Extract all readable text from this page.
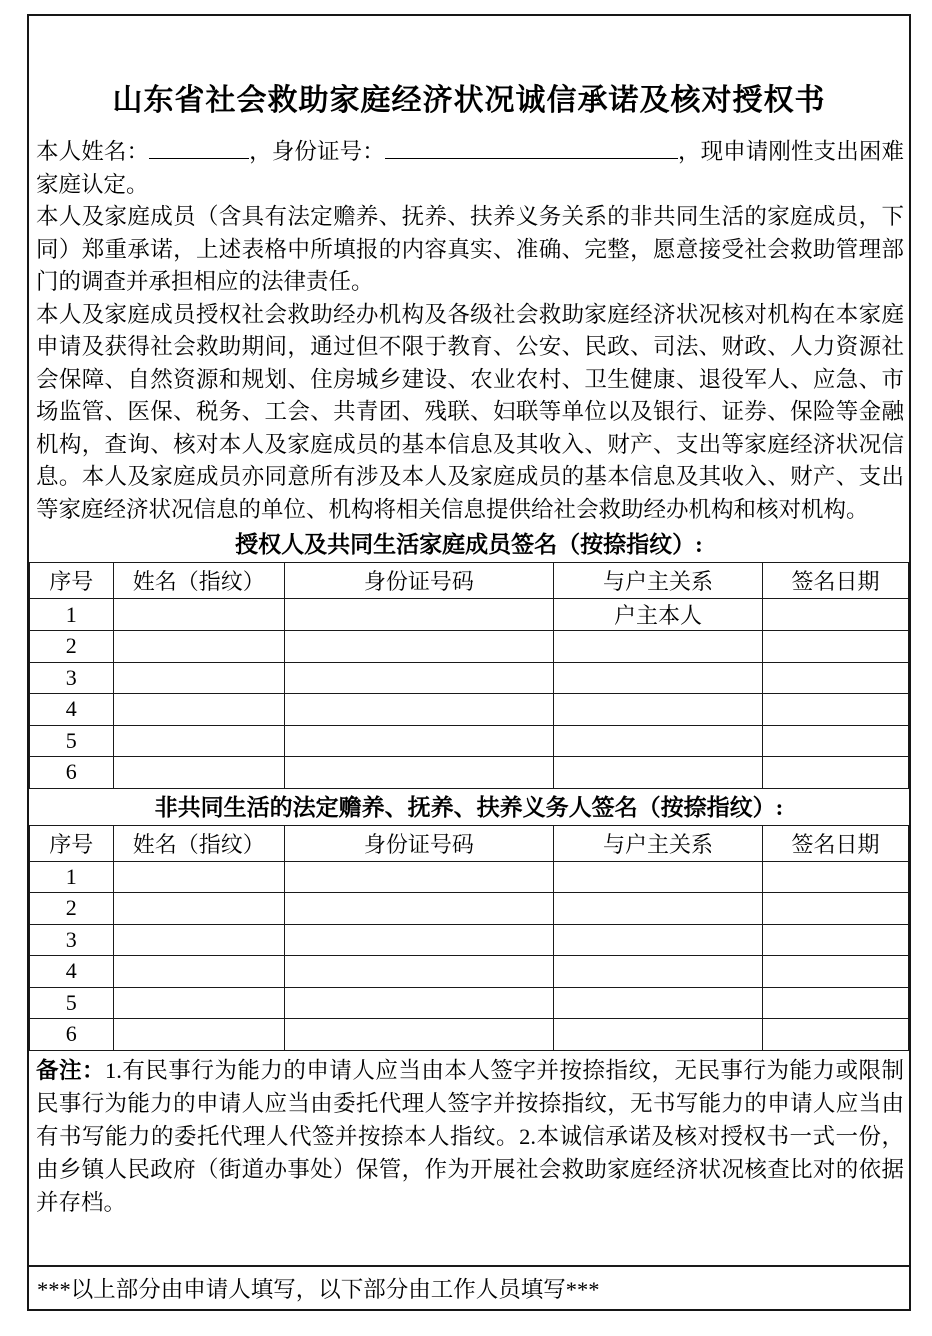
山东省社会救助家庭经济状况诚信承诺及核对授权书

本人姓名：	，身份证号：	，现申请刚性支出困难家庭认定。

本人及家庭成员（含具有法定赡养、抚养、扶养义务关系的非共同生活的家庭成员，下同）郑重承诺，上述表格中所填报的内容真实、准确、完整，愿意接受社会救助管理部门的调查并承担相应的法律责任。

本人及家庭成员授权社会救助经办机构及各级社会救助家庭经济状况核对机构在本家庭申请及获得社会救助期间，通过但不限于教育、公安、民政、司法、财政、人力资源社会保障、自然资源和规划、住房城乡建设、农业农村、卫生健康、退役军人、应急、市场监管、医保、税务、工会、共青团、残联、妇联等单位以及银行、证券、保险等金融机构，查询、核对本人及家庭成员的基本信息及其收入、财产、支出等家庭经济状况信息。本人及家庭成员亦同意所有涉及本人及家庭成员的基本信息及其收入、财产、支出等家庭经济状况信息的单位、机构将相关信息提供给社会救助经办机构和核对机构。

授权人及共同生活家庭成员签名（按捺指纹）:
序号	姓名（指纹）	身份证号码	与户主关系	签名日期
1			户主本人	
2				
3				
4				
5				
6				
非共同生活的法定赡养、抚养、扶养义务人签名（按捺指纹）:
序号	姓名（指纹）	身份证号码	与户主关系	签名日期
1				
2				
3				
4				
5				
6				
备注：1.有民事行为能力的申请人应当由本人签字并按捺指纹，无民事行为能力或限制民事行为能力的申请人应当由委托代理人签字并按捺指纹，无书写能力的申请人应当由有书写能力的委托代理人代签并按捺本人指纹。2.本诚信承诺及核对授权书一式一份，由乡镇人民政府（街道办事处）保管，作为开展社会救助家庭经济状况核查比对的依据并存档。
***以上部分由申请人填写，以下部分由工作人员填写***
